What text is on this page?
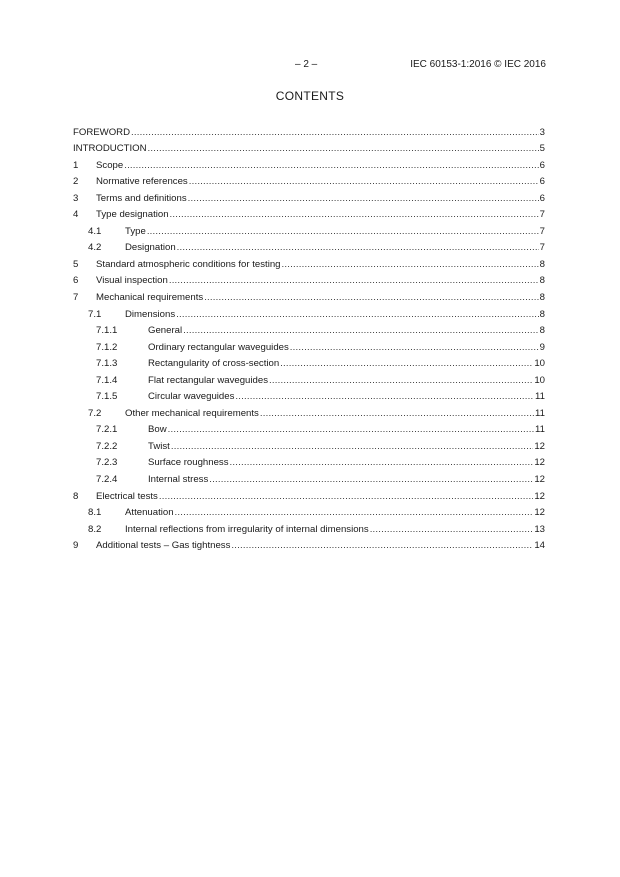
– 2 –	IEC 60153-1:2016 © IEC 2016
CONTENTS
FOREWORD .....	3
INTRODUCTION .....	5
1	Scope .....	6
2	Normative references .....	6
3	Terms and definitions .....	6
4	Type designation .....	7
4.1	Type .....	7
4.2	Designation .....	7
5	Standard atmospheric conditions for testing .....	8
6	Visual inspection .....	8
7	Mechanical requirements .....	8
7.1	Dimensions .....	8
7.1.1	General .....	8
7.1.2	Ordinary rectangular waveguides .....	9
7.1.3	Rectangularity of cross-section .....	10
7.1.4	Flat rectangular waveguides .....	10
7.1.5	Circular waveguides .....	11
7.2	Other mechanical requirements .....	11
7.2.1	Bow .....	11
7.2.2	Twist .....	12
7.2.3	Surface roughness .....	12
7.2.4	Internal stress .....	12
8	Electrical tests .....	12
8.1	Attenuation .....	12
8.2	Internal reflections from irregularity of internal dimensions .....	13
9	Additional tests – Gas tightness .....	14
